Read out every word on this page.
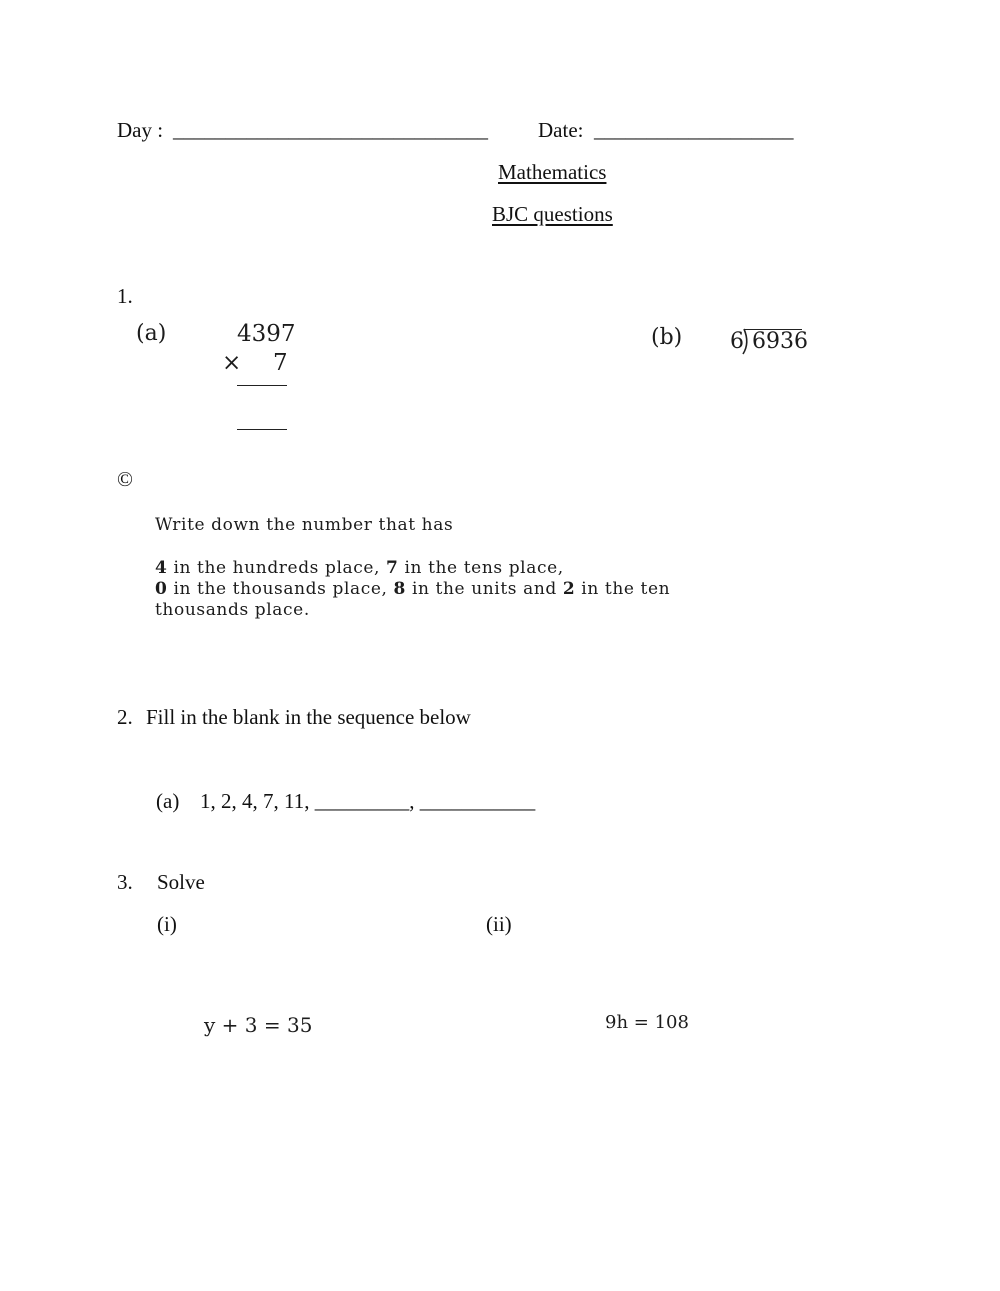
Day : ______________________________ Date: ___________________
Mathematics
BJC questions
1.
(a)	4397
× 7
(b) 6 6936
©
Write down the number that has
4 in the hundreds place, 7 in the tens place,
0 in the thousands place, 8 in the units and 2 in the ten
thousands place.
2. Fill in the blank in the sequence below
(a) 1, 2, 4, 7, 11, _________, ___________
3. Solve
(i)	(ii)
y + 3 = 35	9h = 108
